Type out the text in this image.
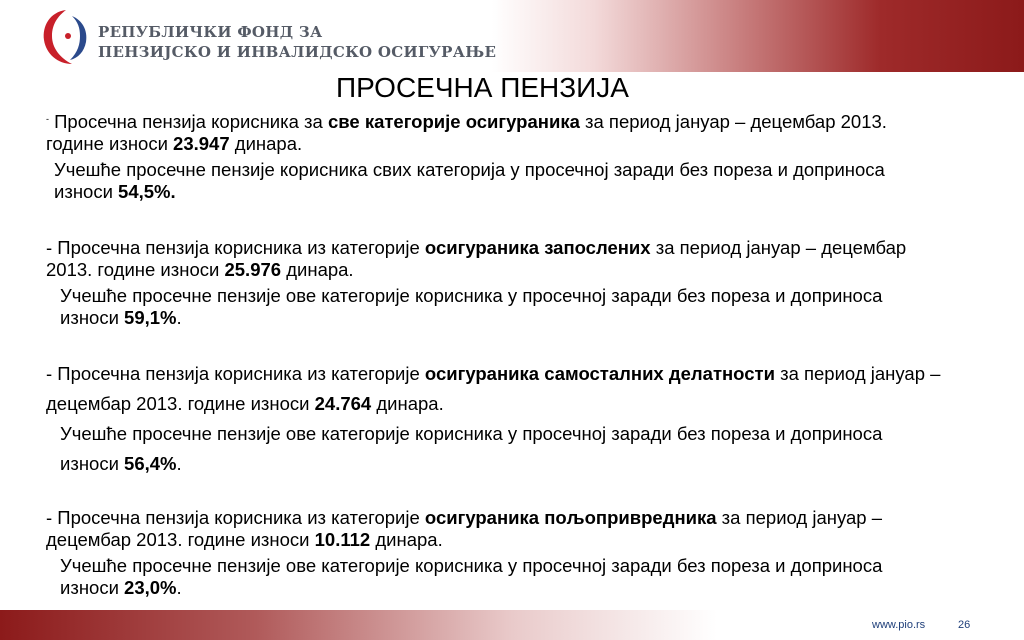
РЕПУБЛИЧКИ ФОНД ЗА
ПЕНЗИЈСКО И ИНВАЛИДСКО ОСИГУРАЊЕ
ПРОСЕЧНА ПЕНЗИЈА

- Просечна пензија корисника за све категорије осигураника за период јануар – децембар 2013. године износи 23.947 динара.

Учешће просечне пензије корисника свих категорија у просечној заради без пореза и доприноса износи 54,5%.

- Просечна пензија корисника из категорије осигураника запослених за период јануар – децембар 2013. године износи 25.976 динара.

Учешће просечне пензије ове категорије корисника у просечној заради без пореза и доприноса износи 59,1%.

- Просечна пензија корисника из категорије осигураника самосталних делатности за период јануар – децембар 2013. године износи 24.764 динара.

Учешће просечне пензије ове категорије корисника у просечној заради без пореза и доприноса износи 56,4%.

- Просечна пензија корисника из категорије осигураника пољопривредника за период јануар – децембар 2013. године износи 10.112 динара.

Учешће просечне пензије ове категорије корисника у просечној заради без пореза и доприноса износи 23,0%.

www.pio.rs	26
